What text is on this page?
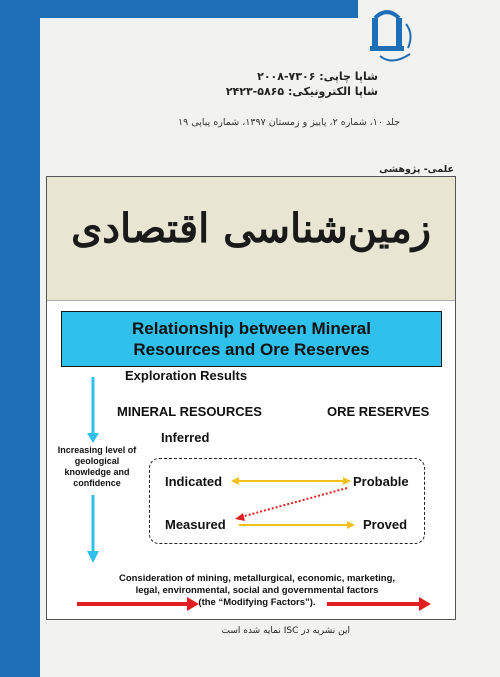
شاپا چاپی: ۷۳۰۶-۲۰۰۸
شاپا الکترونیکی: ۵۸۶۵-۲۴۲۳
جلد ۱۰، شماره ۲، پاییز و زمستان ۱۳۹۷، شماره پیاپی ۱۹
علمی- پژوهشی
زمین‌شناسی اقتصادی
Relationship between Mineral
Resources and Ore Reserves
Exploration Results
MINERAL RESOURCES	ORE RESERVES
Inferred
Increasing level of
geological
knowledge and
confidence	Indicated	Probable
Measured	Proved
Consideration of mining, metallurgical, economic, marketing,
legal, environmental, social and governmental factors
(the “Modifying Factors”).
این نشریه در ISC نمایه شده است
